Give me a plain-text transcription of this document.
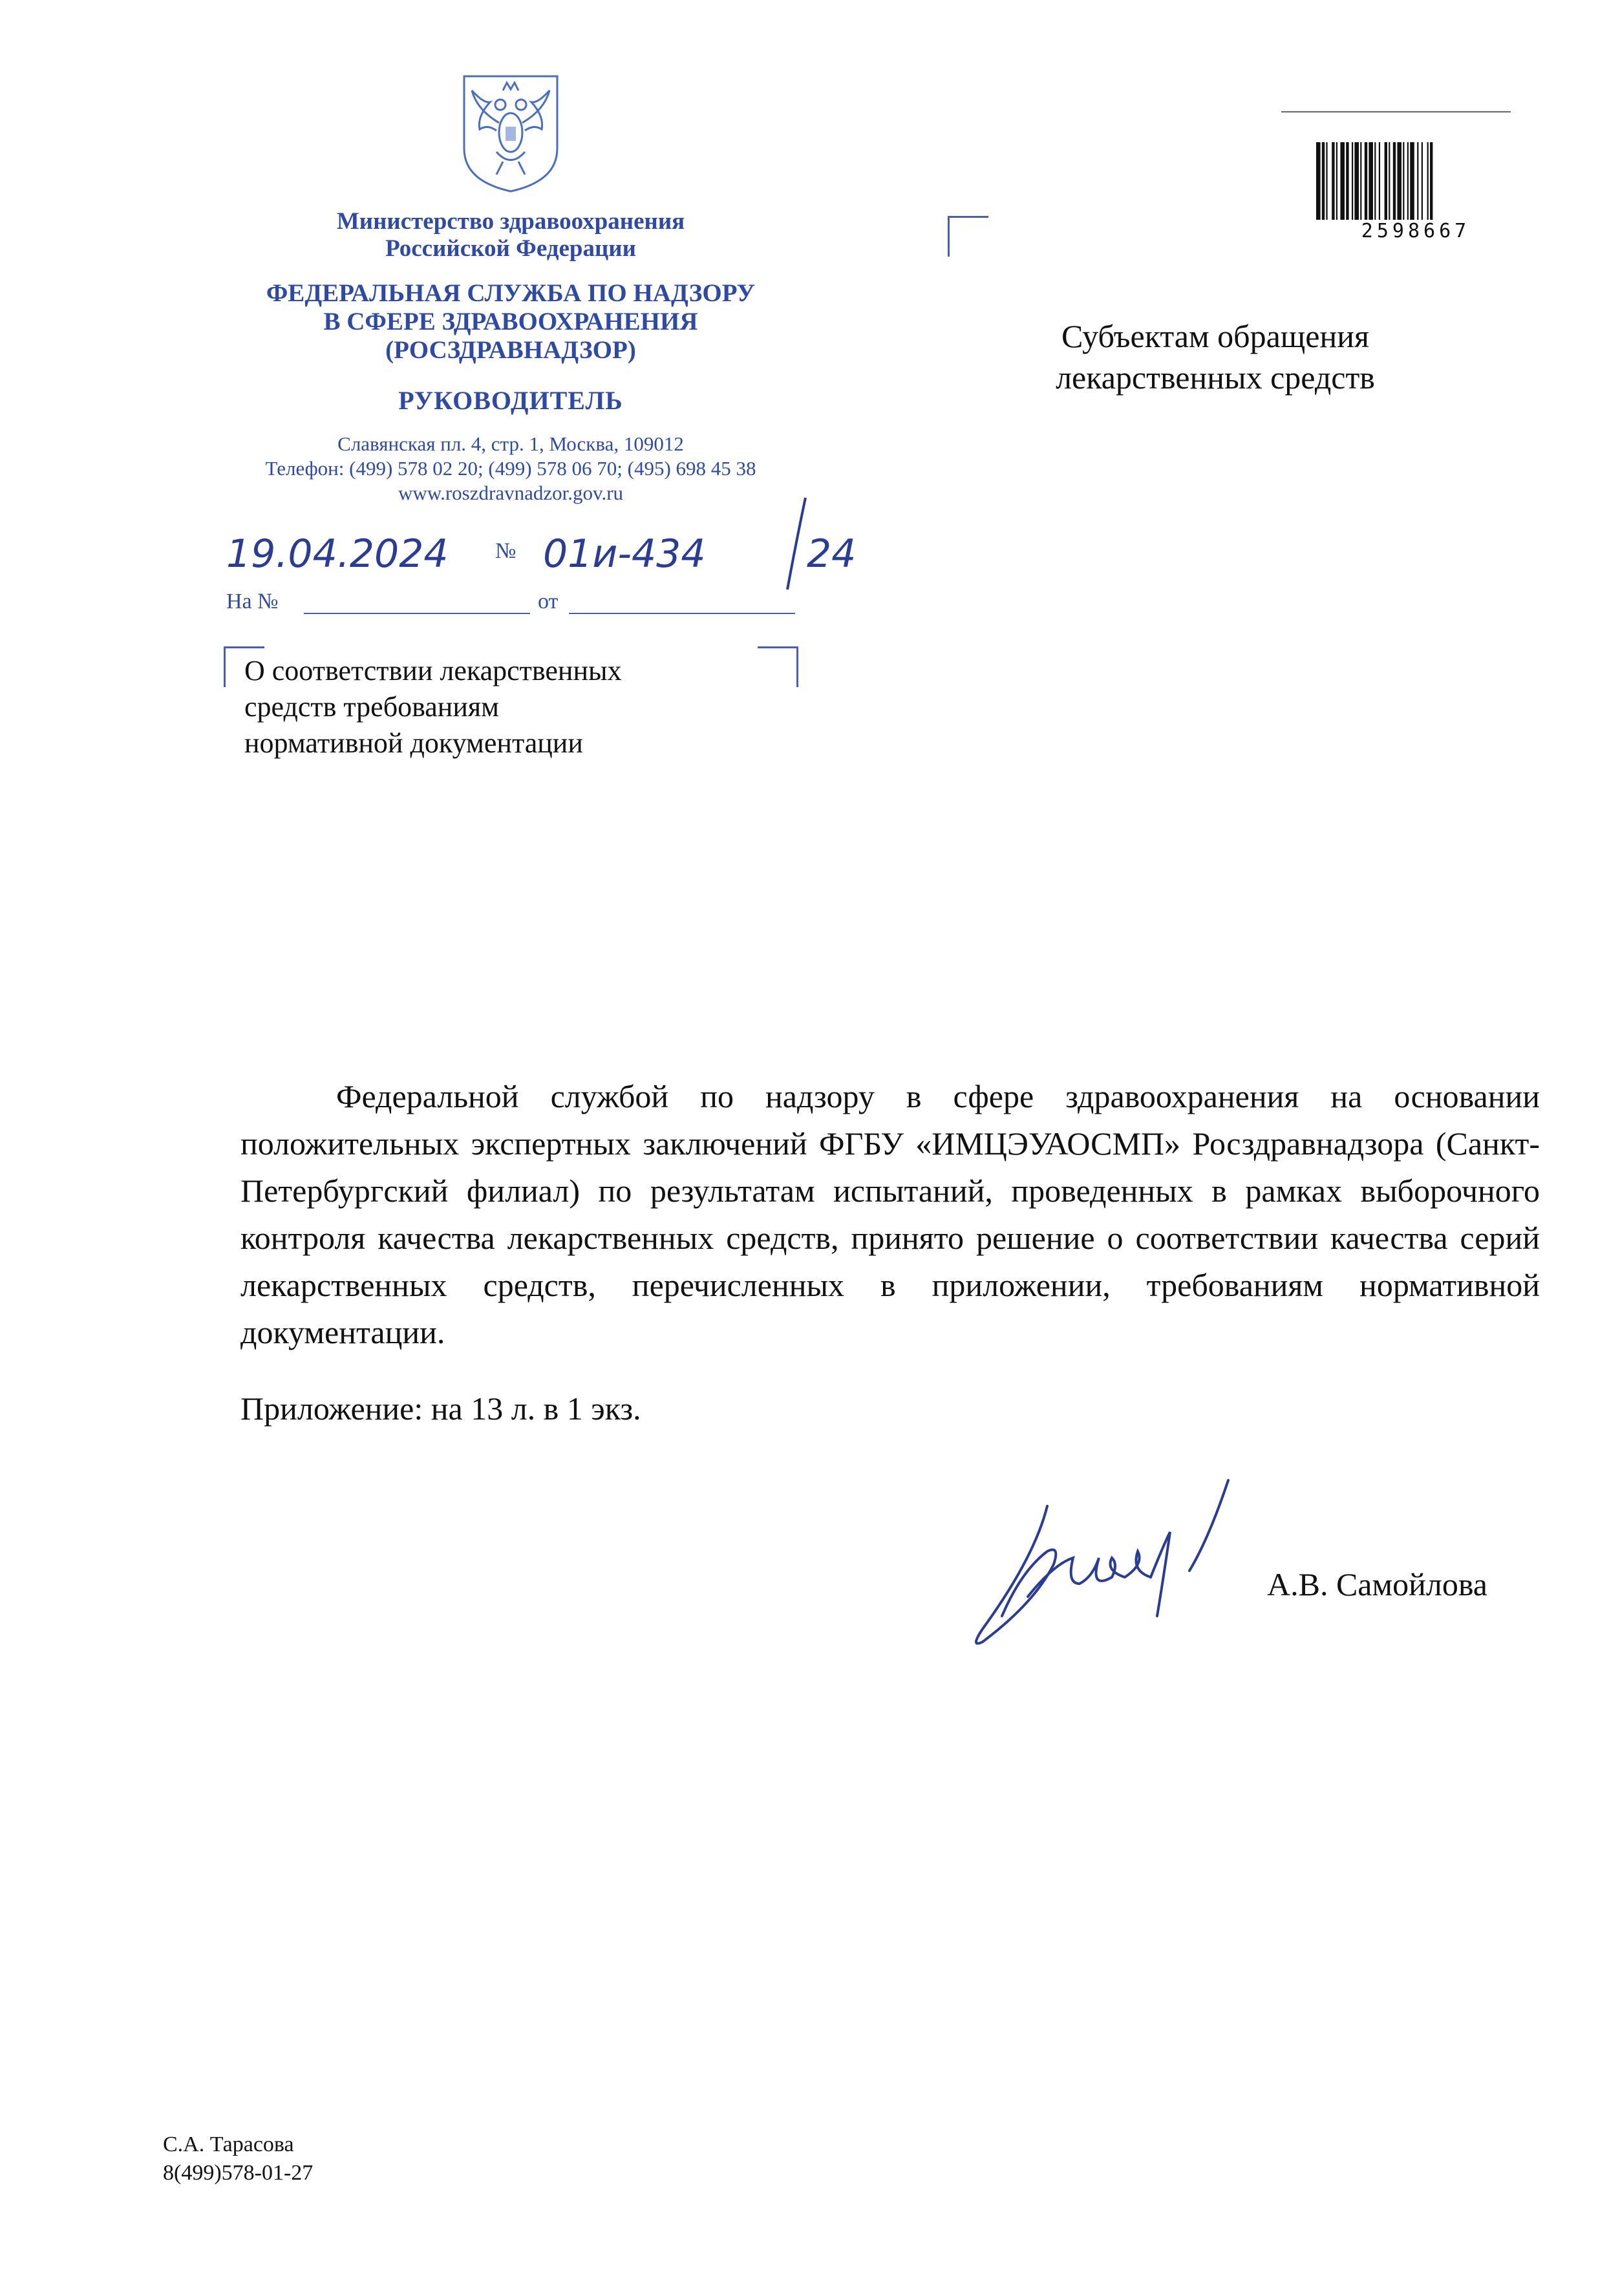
Министерство здравоохранения
Российской Федерации
ФЕДЕРАЛЬНАЯ СЛУЖБА ПО НАДЗОРУ
В СФЕРЕ ЗДРАВООХРАНЕНИЯ
(РОСЗДРАВНАДЗОР)
РУКОВОДИТЕЛЬ
Славянская пл. 4, стр. 1, Москва, 109012
Телефон: (499) 578 02 20; (499) 578 06 70; (495) 698 45 38
www.roszdravnadzor.gov.ru
19.04.2024 № 01и-434	24
На №	от
О соответствии лекарственных
средств требованиям
нормативной документации
Субъектам обращения
лекарственных средств
2598667
Федеральной службой по надзору в сфере здравоохранения на основании положительных экспертных заключений ФГБУ «ИМЦЭУАОСМП» Росздравнадзора (Санкт-Петербургский филиал) по результатам испытаний, проведенных в рамках выборочного контроля качества лекарственных средств, принято решение о соответствии качества серий лекарственных средств, перечисленных в приложении, требованиям нормативной документации.
Приложение: на 13 л. в 1 экз.
А.В. Самойлова
С.А. Тарасова
8(499)578-01-27
